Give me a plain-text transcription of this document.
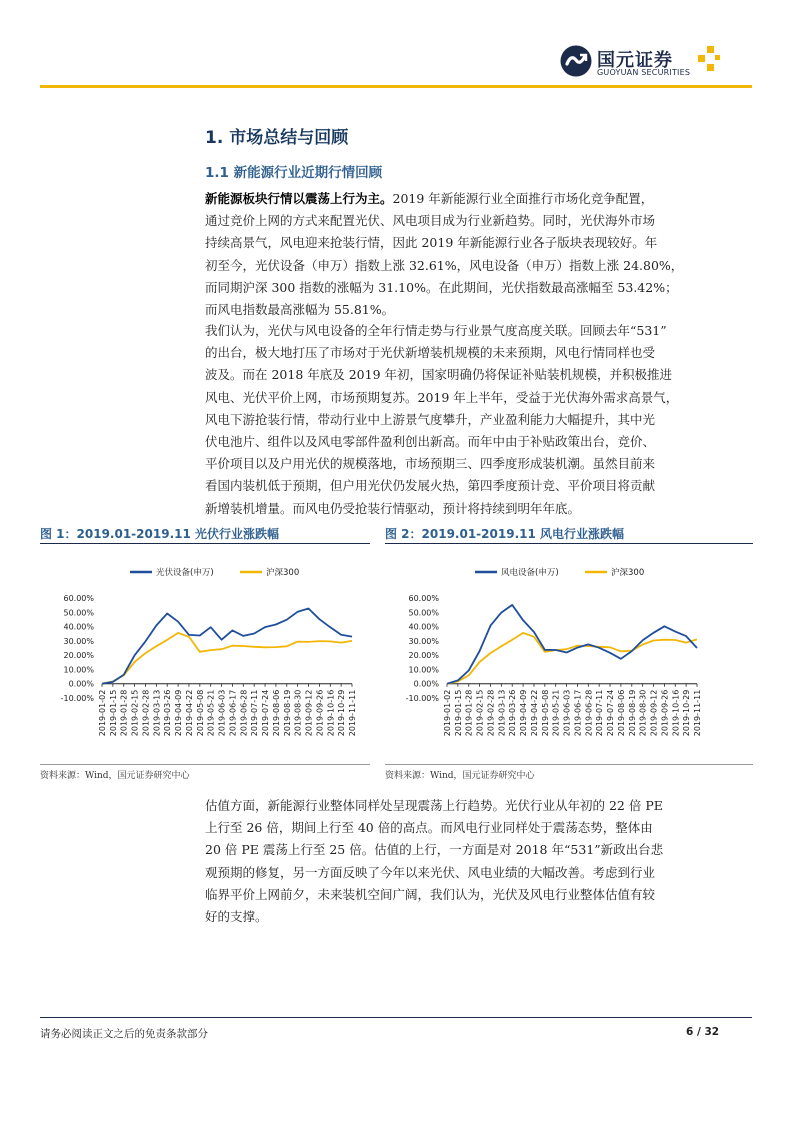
国元证券
GUOYUAN SECURITIES
1. 市场总结与回顾
1.1 新能源行业近期行情回顾

新能源板块行情以震荡上行为主。2019 年新能源行业全面推行市场化竞争配置，

通过竞价上网的方式来配置光伏、风电项目成为行业新趋势。同时，光伏海外市场

持续高景气，风电迎来抢装行情，因此 2019 年新能源行业各子版块表现较好。年

初至今，光伏设备（申万）指数上涨 32.61%，风电设备（申万）指数上涨 24.80%，

而同期沪深 300 指数的涨幅为 31.10%。在此期间，光伏指数最高涨幅至 53.42%；

而风电指数最高涨幅为 55.81%。

我们认为，光伏与风电设备的全年行情走势与行业景气度高度关联。回顾去年“531”

的出台，极大地打压了市场对于光伏新增装机规模的未来预期，风电行情同样也受

波及。而在 2018 年底及 2019 年初，国家明确仍将保证补贴装机规模，并积极推进

风电、光伏平价上网，市场预期复苏。2019 年上半年，受益于光伏海外需求高景气，

风电下游抢装行情，带动行业中上游景气度攀升，产业盈利能力大幅提升，其中光

伏电池片、组件以及风电零部件盈利创出新高。而年中由于补贴政策出台，竞价、

平价项目以及户用光伏的规模落地，市场预期三、四季度形成装机潮。虽然目前来

看国内装机低于预期，但户用光伏仍发展火热，第四季度预计竞、平价项目将贡献

新增装机增量。而风电仍受抢装行情驱动，预计将持续到明年年底。

图 1：2019.01-2019.11 光伏行业涨跌幅	图 2：2019.01-2019.11 风电行业涨跌幅
光伏设备(申万)	沪深300
60.00%
50.00%
40.00%
30.00%
20.00%
10.00%
0.00%
-10.00% 2019-01-02 2019-01-15 2019-01-28 2019-02-15 2019-02-28 2019-03-13 2019-03-26 2019-04-09 2019-04-22 2019-05-08 2019-05-21 2019-06-03 2019-06-17 2019-06-28 2019-07-11 2019-07-24 2019-08-06 2019-08-19 2019-08-30 2019-09-12 2019-09-26 2019-10-16 2019-10-29 2019-11-11
风电设备(申万)	沪深300
60.00%
50.00%
40.00%
30.00%
20.00%
10.00%
0.00%
-10.00% 2019-01-02 2019-01-15 2019-01-28 2019-02-15 2019-02-28 2019-03-13 2019-03-26 2019-04-09 2019-04-22 2019-05-08 2019-05-21 2019-06-03 2019-06-17 2019-06-28 2019-07-11 2019-07-24 2019-08-06 2019-08-19 2019-08-30 2019-09-12 2019-09-26 2019-10-16 2019-10-29 2019-11-11
资料来源：Wind，国元证券研究中心	资料来源：Wind，国元证券研究中心

估值方面，新能源行业整体同样处呈现震荡上行趋势。光伏行业从年初的 22 倍 PE

上行至 26 倍，期间上行至 40 倍的高点。而风电行业同样处于震荡态势，整体由

20 倍 PE 震荡上行至 25 倍。估值的上行，一方面是对 2018 年“531”新政出台悲

观预期的修复，另一方面反映了今年以来光伏、风电业绩的大幅改善。考虑到行业

临界平价上网前夕，未来装机空间广阔，我们认为，光伏及风电行业整体估值有较

好的支撑。

请务必阅读正文之后的免责条款部分	6 / 32
